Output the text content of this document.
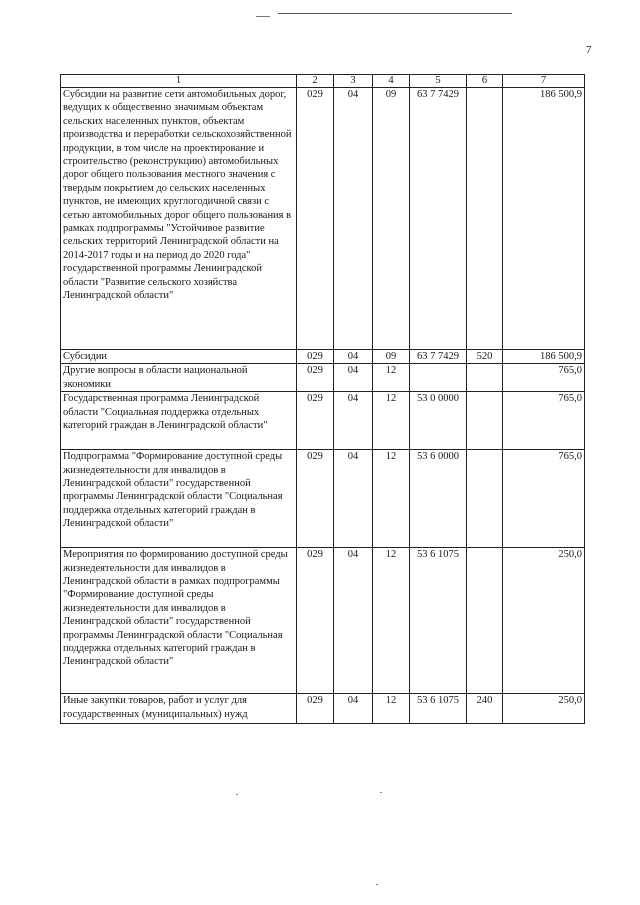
7
1	2	3	4	5	6	7
Субсидии на развитие сети автомобильных дорог, ведущих к общественно значимым объектам сельских населенных пунктов, объектам производства и переработки сельскохозяйственной продукции, в том числе на проектирование и строительство (реконструкцию) автомобильных дорог общего пользования местного значения с твердым покрытием до сельских населенных пунктов, не имеющих круглогодичной связи с сетью автомобильных дорог общего пользования в рамках подпрограммы "Устойчивое развитие сельских территорий Ленинградской области на 2014-2017 годы и на период до 2020 года" государственной программы Ленинградской области "Развитие сельского хозяйства Ленинградской области"	029	04	09	63 7 7429		186 500,9
Субсидии	029	04	09	63 7 7429	520	186 500,9
Другие вопросы в области национальной экономики	029	04	12			765,0
Государственная программа Ленинградской области "Социальная поддержка отдельных категорий граждан в Ленинградской области"	029	04	12	53 0 0000		765,0
Подпрограмма "Формирование доступной среды жизнедеятельности для инвалидов в Ленинградской области" государственной программы Ленинградской области "Социальная поддержка отдельных категорий граждан в Ленинградской области"	029	04	12	53 6 0000		765,0
Мероприятия по формированию доступной среды жизнедеятельности для инвалидов в Ленинградской области в рамках подпрограммы "Формирование доступной среды жизнедеятельности для инвалидов в Ленинградской области" государственной программы Ленинградской области "Социальная поддержка отдельных категорий граждан в Ленинградской области"	029	04	12	53 6 1075		250,0
Иные закупки товаров, работ и услуг для государственных (муниципальных) нужд	029	04	12	53 6 1075	240	250,0
